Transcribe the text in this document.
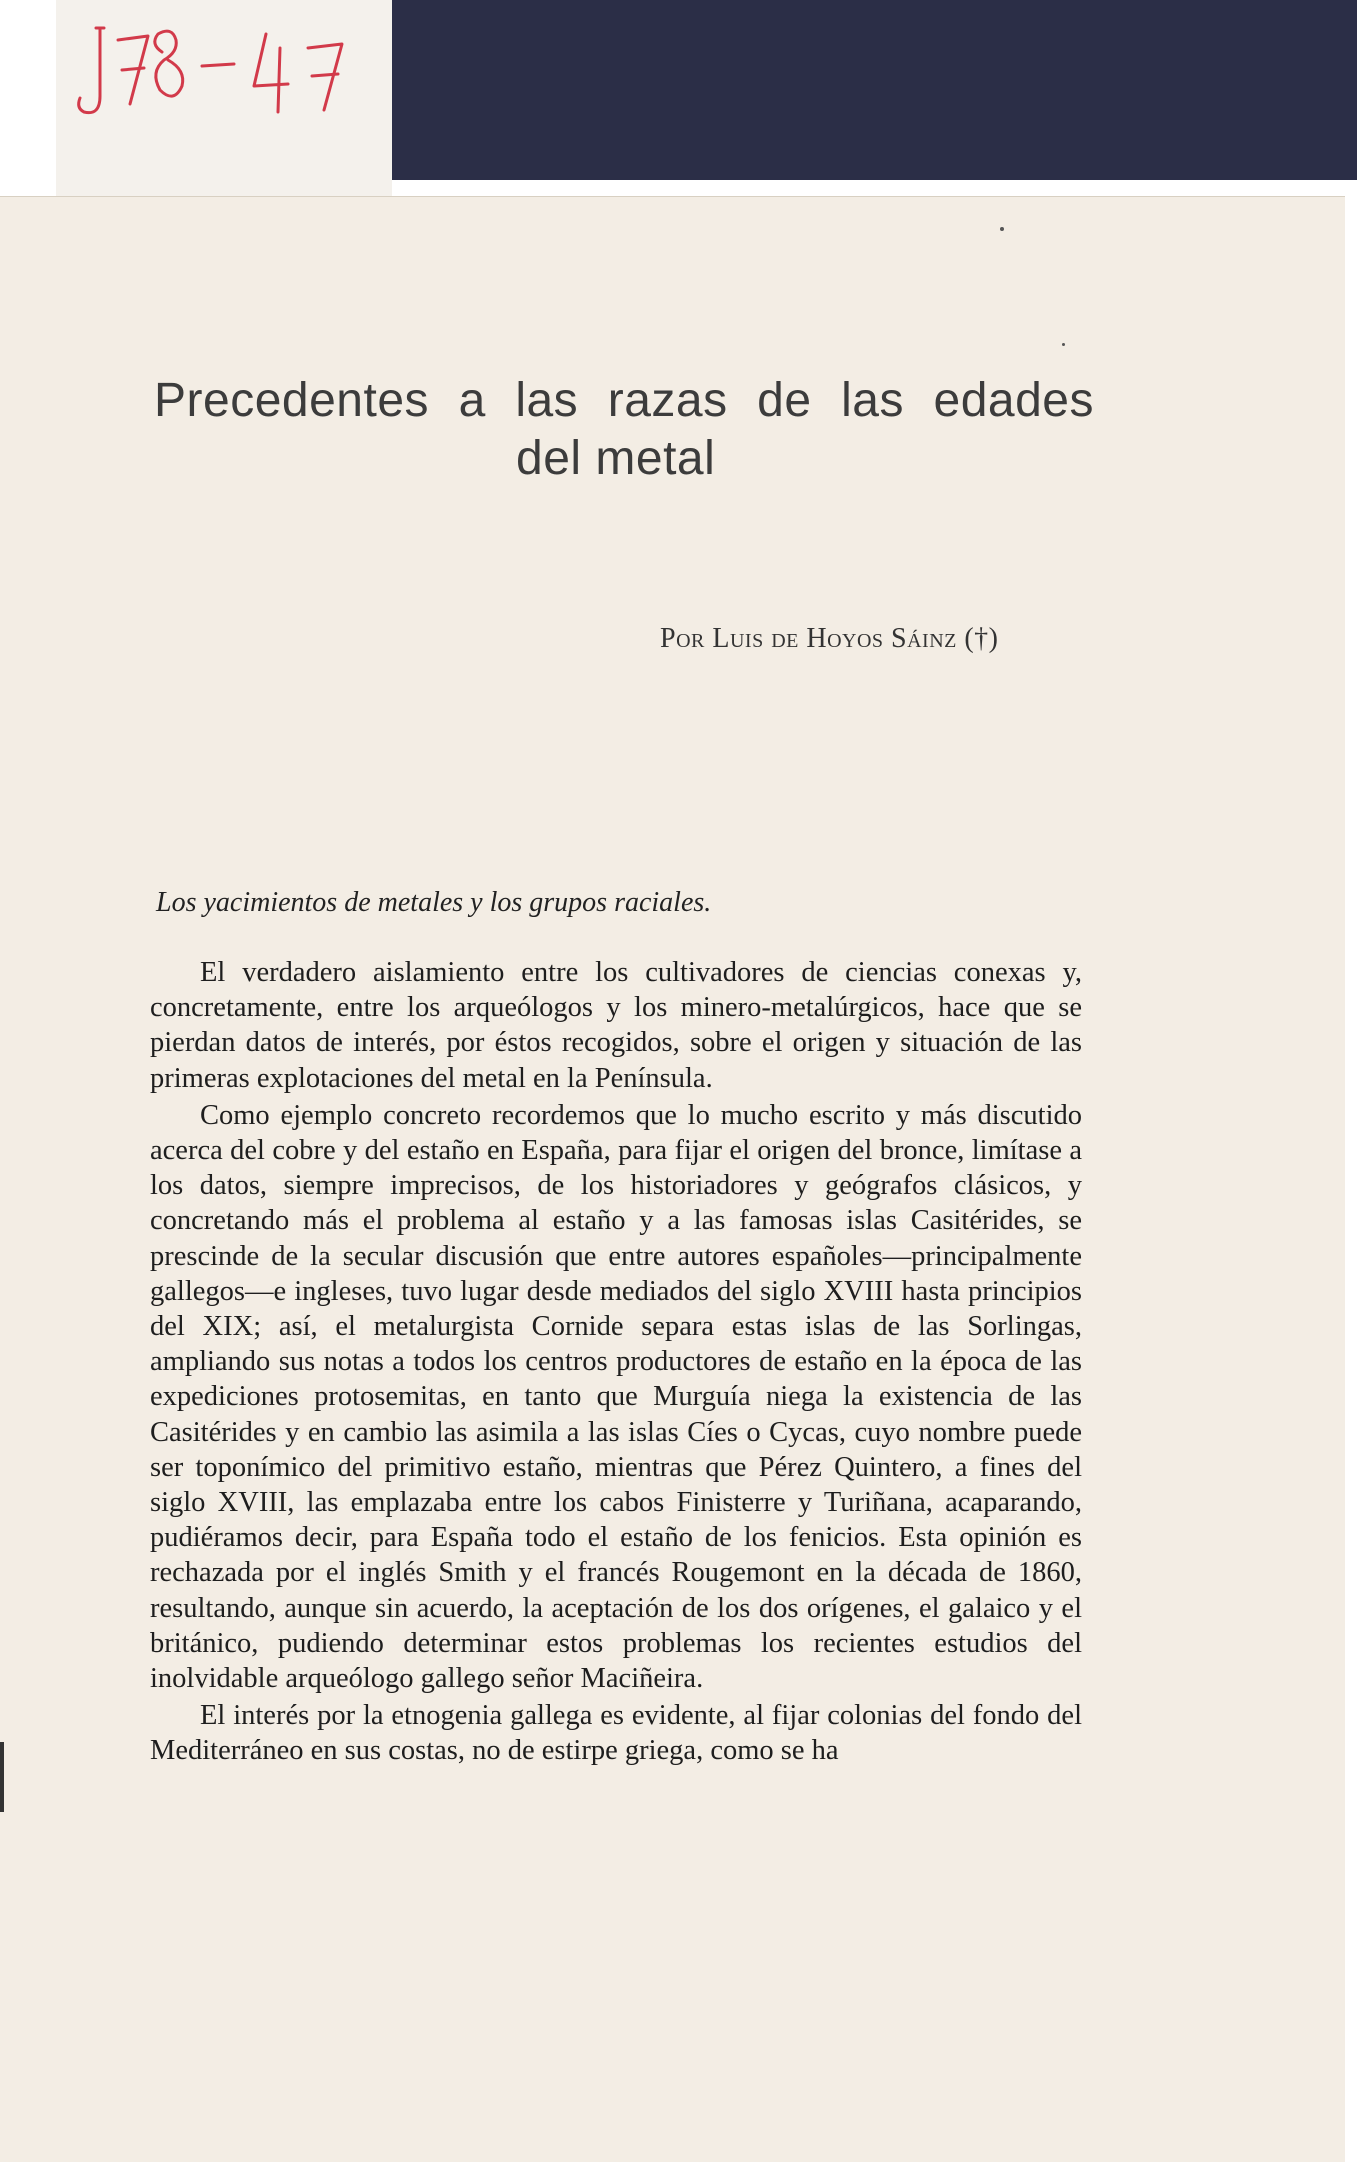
Precedentes a las razas de las edades
del metal
Por Luis de Hoyos Sáinz (†)
Los yacimientos de metales y los grupos raciales.

El verdadero aislamiento entre los cultivadores de ciencias conexas y, concretamente, entre los arqueólogos y los minero-metalúrgicos, hace que se pierdan datos de interés, por éstos recogidos, sobre el origen y situación de las primeras explotaciones del metal en la Península.

Como ejemplo concreto recordemos que lo mucho escrito y más discutido acerca del cobre y del estaño en España, para fijar el origen del bronce, limítase a los datos, siempre imprecisos, de los historiadores y geógrafos clásicos, y concretando más el problema al estaño y a las famosas islas Casitérides, se prescinde de la secular discusión que entre autores españoles—principalmente gallegos—e ingleses, tuvo lugar desde mediados del siglo XVIII hasta principios del XIX; así, el metalurgista Cornide separa estas islas de las Sorlingas, ampliando sus notas a todos los centros productores de estaño en la época de las expediciones protosemitas, en tanto que Murguía niega la existencia de las Casitérides y en cambio las asimila a las islas Cíes o Cycas, cuyo nombre puede ser toponímico del primitivo estaño, mientras que Pérez Quintero, a fines del siglo XVIII, las emplazaba entre los cabos Finisterre y Turiñana, acaparando, pudiéramos decir, para España todo el estaño de los fenicios. Esta opinión es rechazada por el inglés Smith y el francés Rougemont en la década de 1860, resultando, aunque sin acuerdo, la aceptación de los dos orígenes, el galaico y el británico, pudiendo determinar estos problemas los recientes estudios del inolvidable arqueólogo gallego señor Maciñeira.

El interés por la etnogenia gallega es evidente, al fijar colonias del fondo del Mediterráneo en sus costas, no de estirpe griega, como se ha
